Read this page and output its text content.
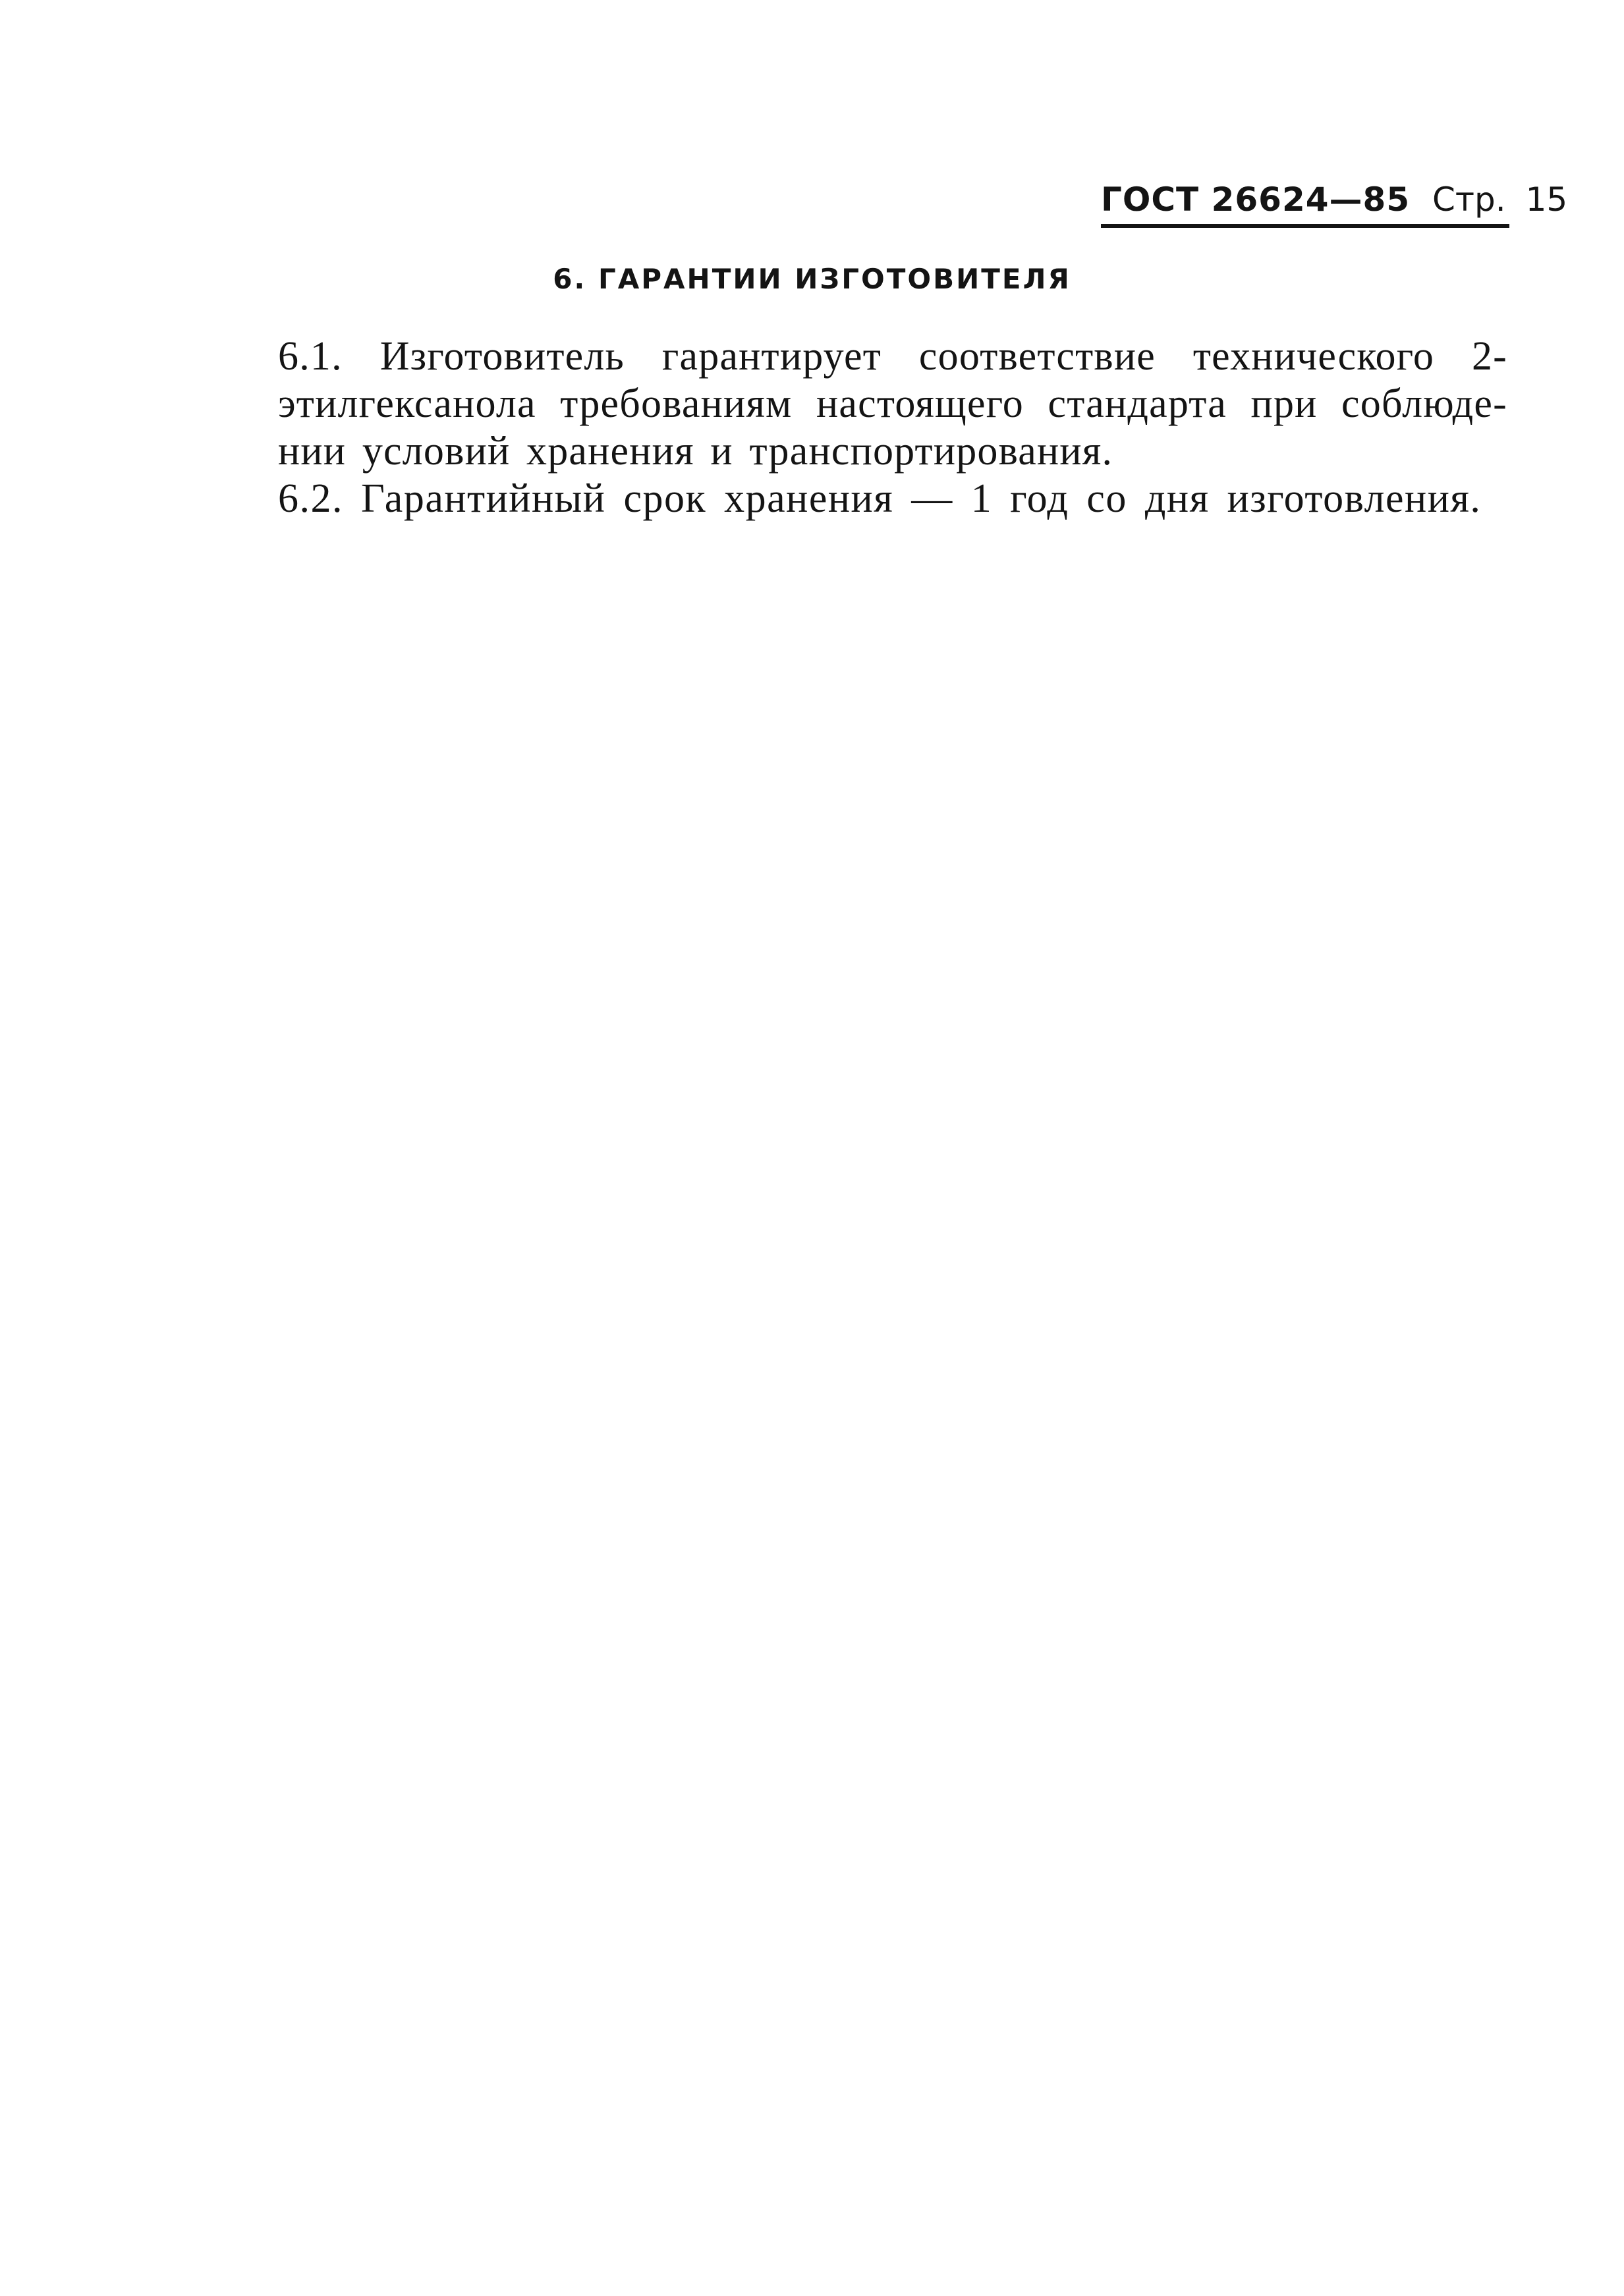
ГОСТ 26624—85 Стр. 15
6. ГАРАНТИИ ИЗГОТОВИТЕЛЯ

6.1. Изготовитель гарантирует соответствие технического 2-
этилгексанола требованиям настоящего стандарта при соблюде-
нии условий хранения и транспортирования.

6.2. Гарантийный срок хранения — 1 год со дня изготовления.
